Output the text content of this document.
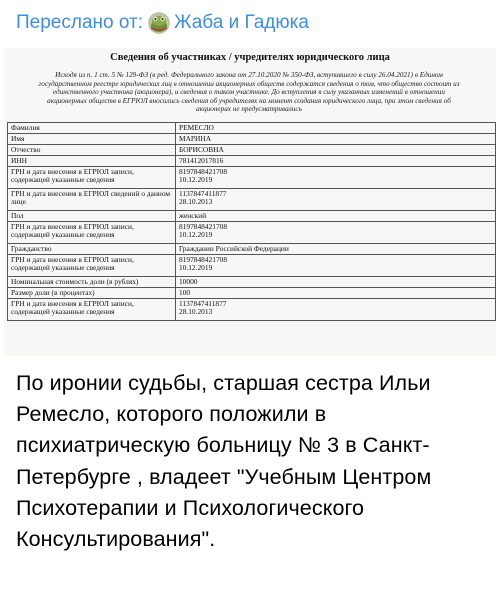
Переслано от: Жаба и Гадюка
Сведения об участниках / учредителях юридического лица
Исходя из п. 1 ст. 5 № 129-ФЗ (в ред. Федерального закона от 27.10.2020 № 350-ФЗ, вступившего в силу 26.04.2021) в Едином государственном реестре юридических лиц в отношении акционерных обществ содержатся сведения о том, что общество состоит из единственного участника (акционера), и сведения о таком участнике. До вступления в силу указанных изменений в отношении акционерных обществ в ЕГРЮЛ вносились сведения об учредителях на момент создания юридического лица, при этом сведения об акционерах не предусматривались
Фамилия	РЕМЕСЛО
Имя	МАРИНА
Отчество	БОРИСОВНА
ИНН	781412017816
ГРН и дата внесения в ЕГРЮЛ записи, содержащей указанные сведения	8197848421708
10.12.2019
ГРН и дата внесения в ЕГРЮЛ сведений о данном лице	1137847411877
28.10.2013
Пол	женский
ГРН и дата внесения в ЕГРЮЛ записи, содержащей указанные сведения	8197848421708
10.12.2019
Гражданство	Гражданин Российской Федерации
ГРН и дата внесения в ЕГРЮЛ записи, содержащей указанные сведения	8197848421708
10.12.2019
Номинальная стоимость доли (в рублях)	10000
Размер доли (в процентах)	100
ГРН и дата внесения в ЕГРЮЛ записи, содержащей указанные сведения	1137847411877
28.10.2013
По иронии судьбы, старшая сестра Ильи Ремесло, которого положили в психиатрическую больницу № 3 в Санкт-Петербурге , владеет "Учебным Центром  Психотерапии и Психологического Консультирования".
